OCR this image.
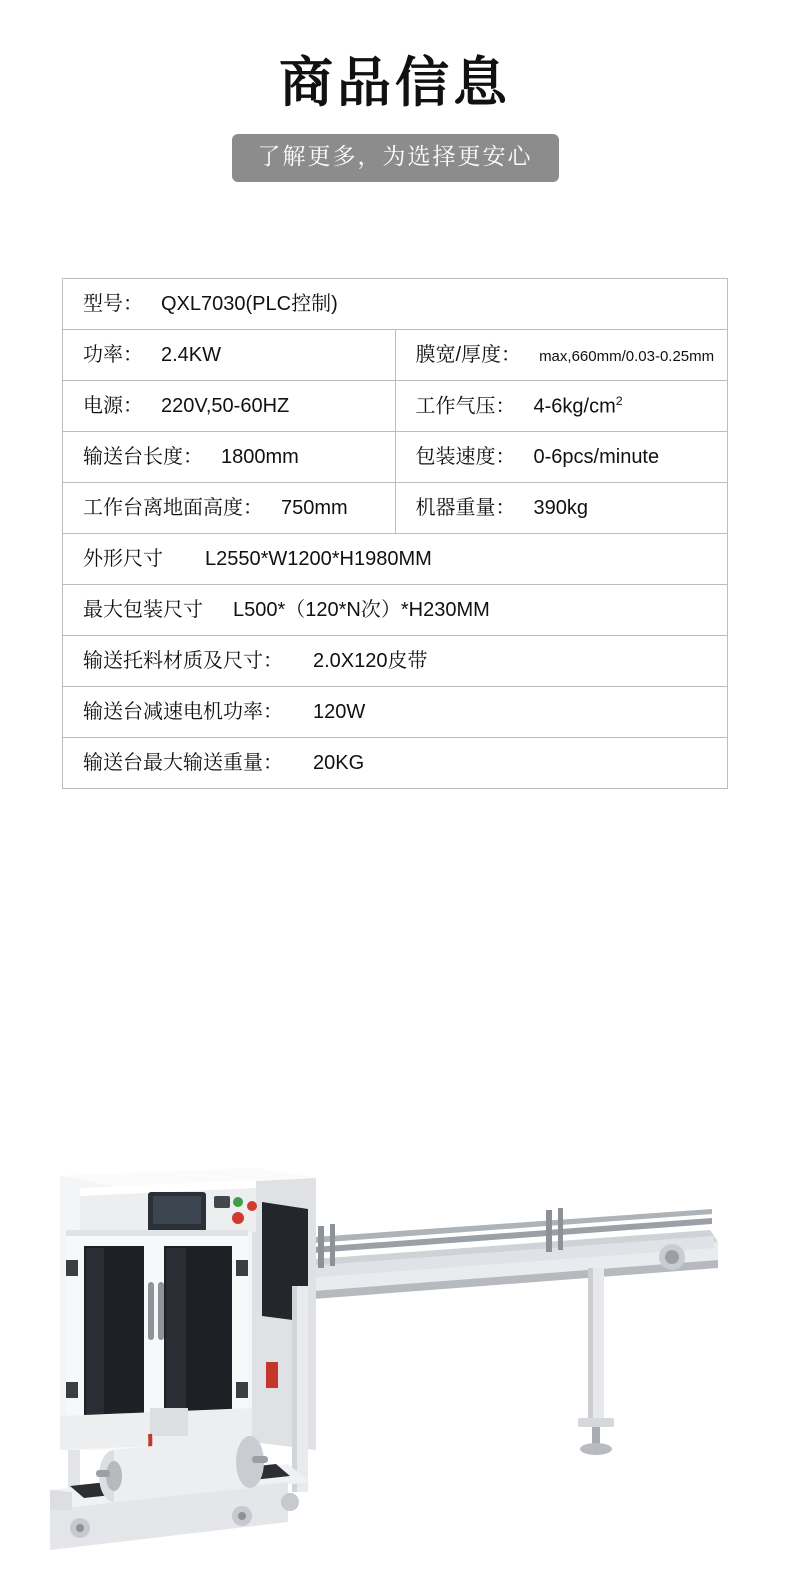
商品信息
了解更多，为选择更安心
型号： QXL7030(PLC控制)	
功率： 2.4KW	膜宽/厚度： max,660mm/0.03-0.25mm
电源： 220V,50-60HZ	工作气压： $4-6kg/cm^2$
输送台长度： 1800mm	包装速度： 0-6pcs/minute
工作台离地面高度： 750mm	机器重量： 390kg
外形尺寸 L2550*W1200*H1980MM	
最大包装尺寸 L500*（120*N次）*H230MM	
输送托料材质及尺寸： 2.0X120皮带	
输送台减速电机功率： 120W	
输送台最大输送重量： 20KG	
